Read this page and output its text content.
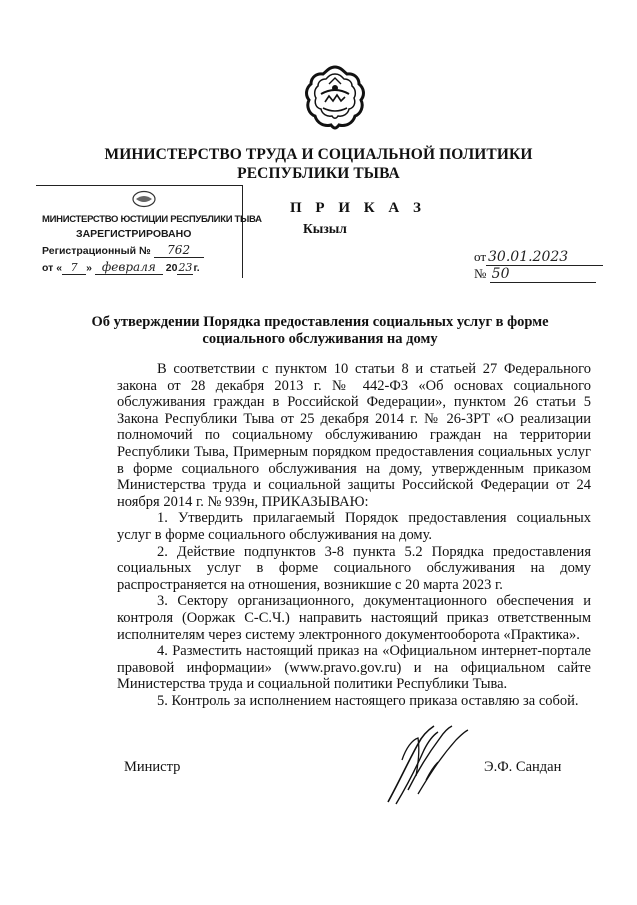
МИНИСТЕРСТВО ТРУДА И СОЦИАЛЬНОЙ ПОЛИТИКИ
РЕСПУБЛИКИ ТЫВА
МИНИСТЕРСТВО ЮСТИЦИИ РЕСПУБЛИКИ ТЫВА
ЗАРЕГИСТРИРОВАНО
Регистрационный № 762
от « 7 » февраля 2023г.
П Р И К А З
Кызыл
от 30.01.2023
№ 50
Об утверждении Порядка предоставления социальных услуг в форме
социального обслуживания на дому

В соответствии с пунктом 10 статьи 8 и статьей 27 Федерального закона от 28 декабря 2013 г. № 442-ФЗ «Об основах социального обслуживания граждан в Российской Федерации», пунктом 26 статьи 5 Закона Республики Тыва от 25 декабря 2014 г. № 26-ЗРТ «О реализации полномочий по социальному обслуживанию граждан на территории Республики Тыва, Примерным порядком предоставления социальных услуг в форме социального обслуживания на дому, утвержденным приказом Министерства труда и социальной защиты Российской Федерации от 24 ноября 2014 г. № 939н, ПРИКАЗЫВАЮ:

1. Утвердить прилагаемый Порядок предоставления социальных услуг в форме социального обслуживания на дому.

2. Действие подпунктов 3-8 пункта 5.2 Порядка предоставления социальных услуг в форме социального обслуживания на дому распространяется на отношения, возникшие с 20 марта 2023 г.

3. Сектору организационного, документационного обеспечения и контроля (Ооржак С-С.Ч.) направить настоящий приказ ответственным исполнителям через систему электронного документооборота «Практика».

4. Разместить настоящий приказ на «Официальном интернет-портале правовой информации» (www.pravo.gov.ru) и на официальном сайте Министерства труда и социальной политики Республики Тыва.

5. Контроль за исполнением настоящего приказа оставляю за собой.

Министр	Э.Ф. Сандан
